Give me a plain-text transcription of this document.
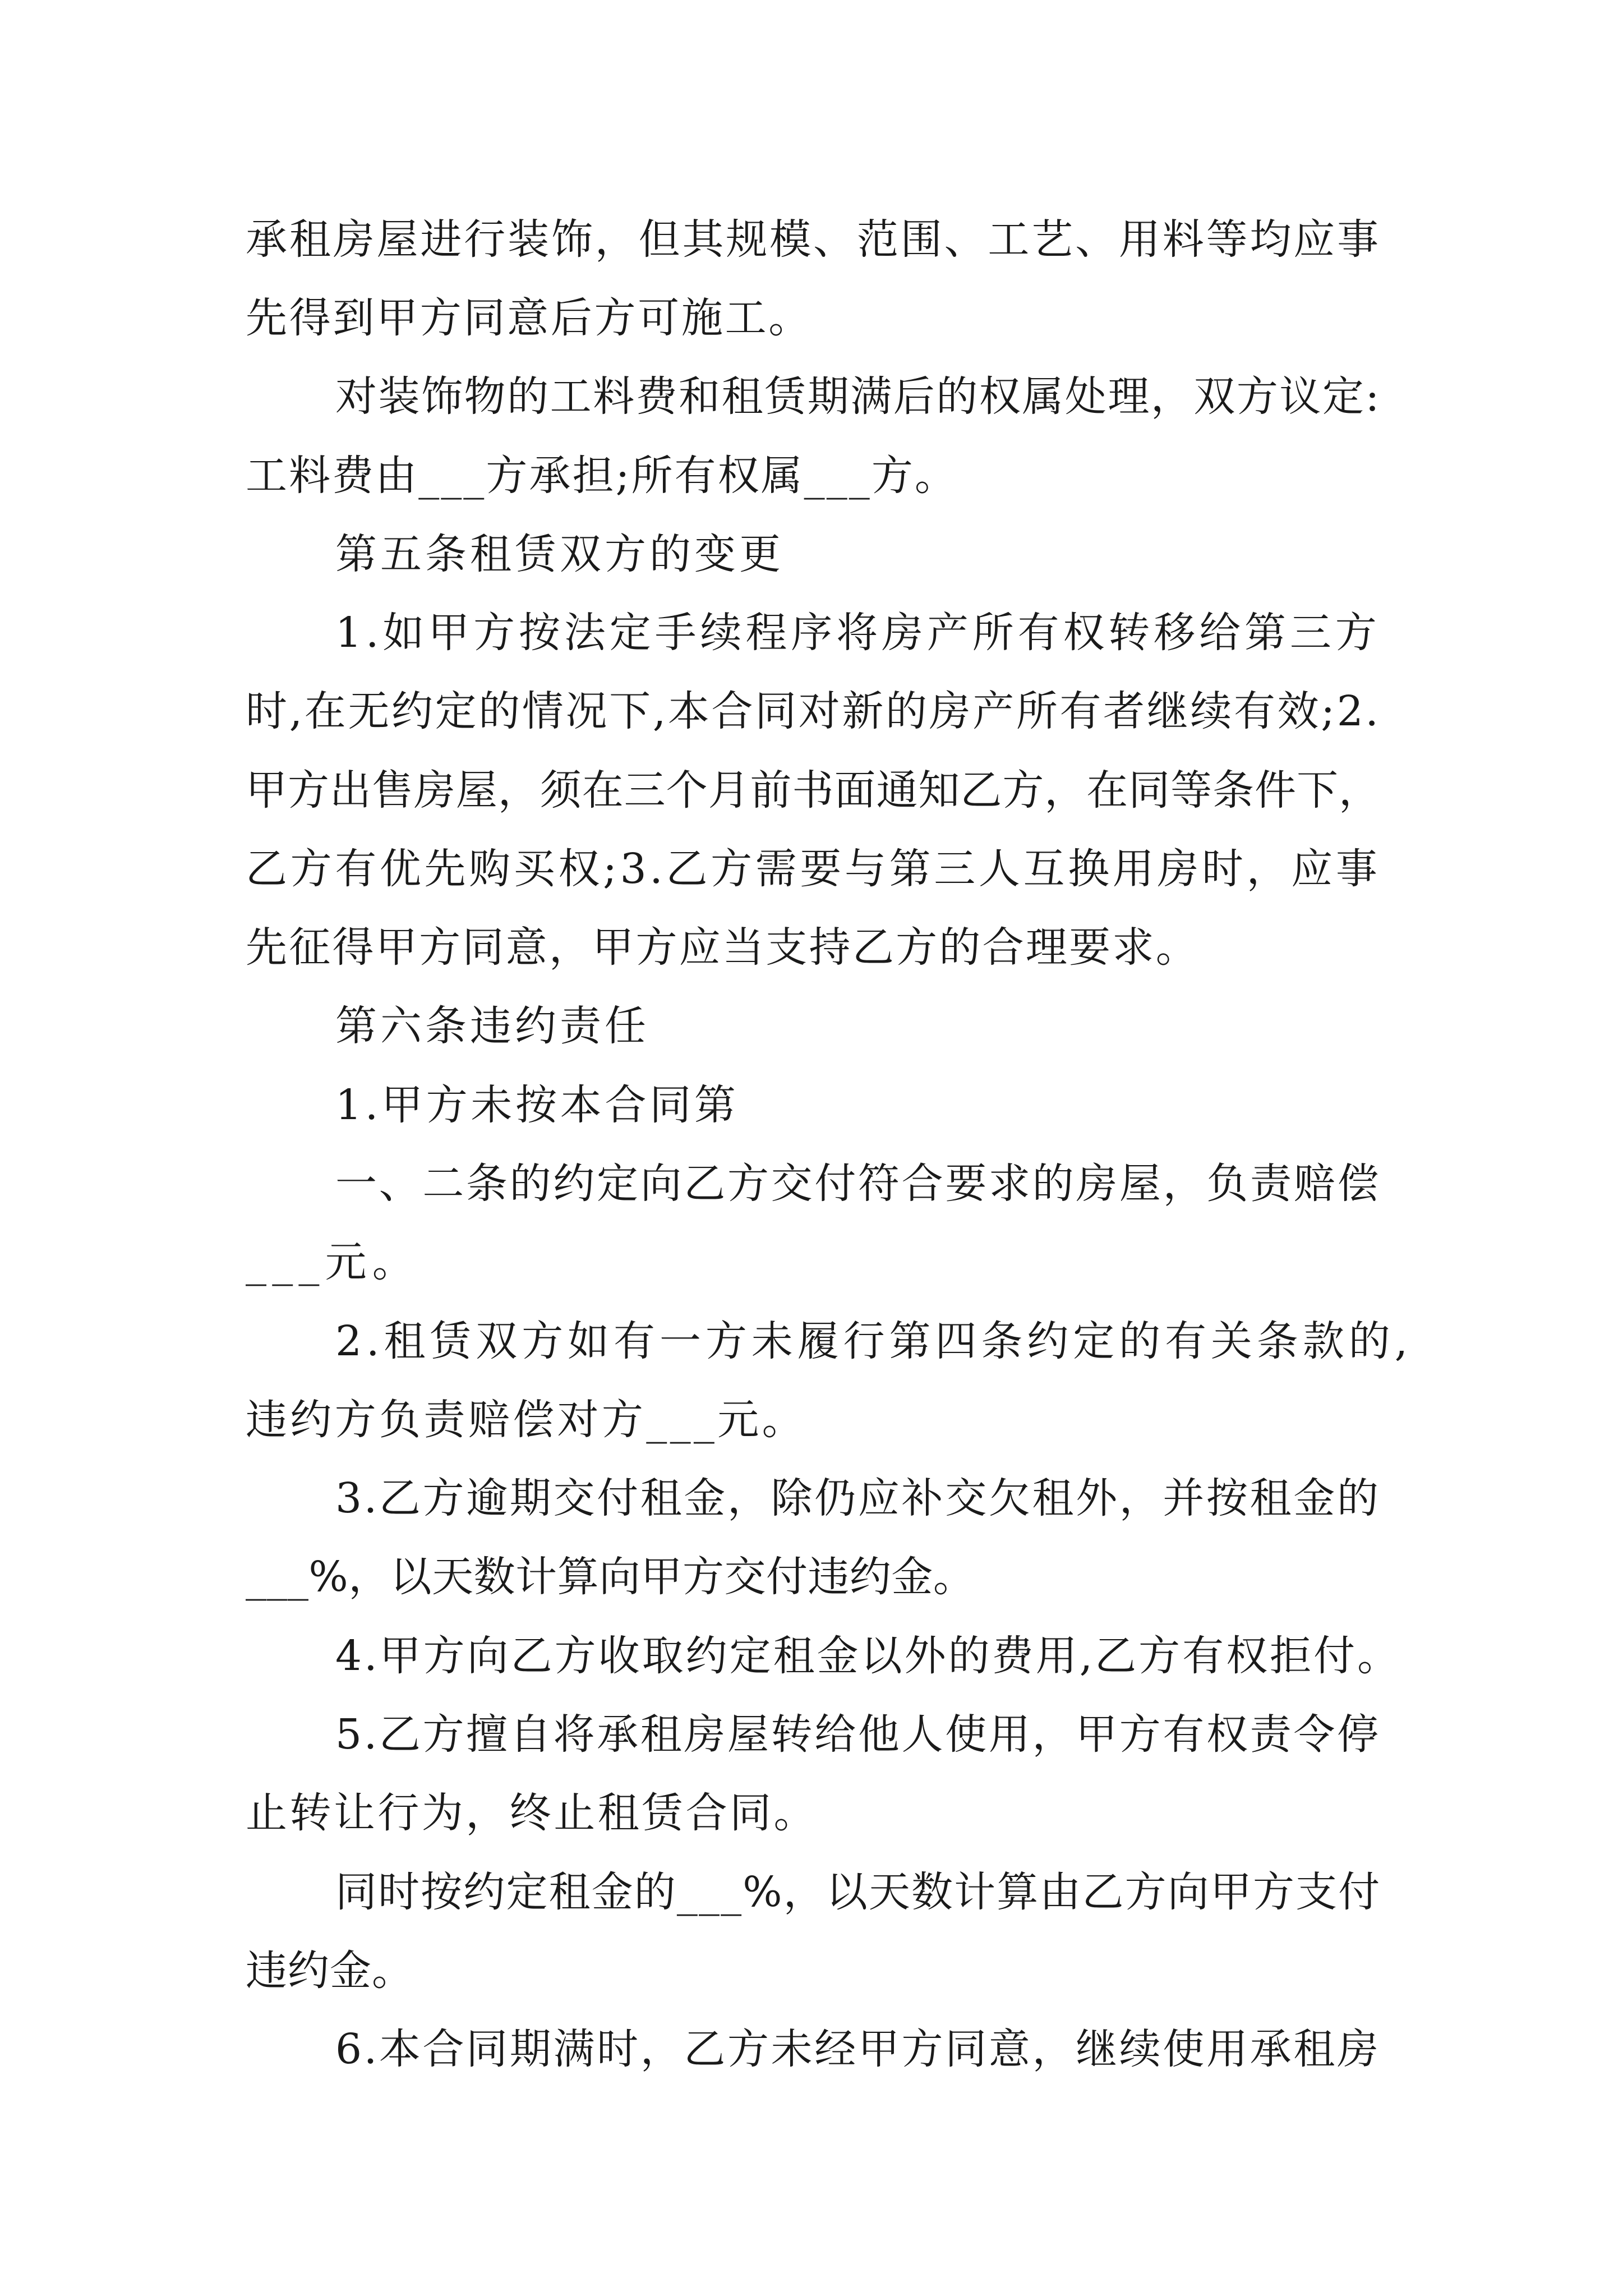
承租房屋进行装饰，但其规模、范围、工艺、用料等均应事
先得到甲方同意后方可施工。
对装饰物的工料费和租赁期满后的权属处理，双方议定:
工料费由___方承担;所有权属___方。
第五条租赁双方的变更
1.如甲方按法定手续程序将房产所有权转移给第三方
时,在无约定的情况下,本合同对新的房产所有者继续有效;2.
甲方出售房屋，须在三个月前书面通知乙方，在同等条件下，
乙方有优先购买权;3.乙方需要与第三人互换用房时，应事
先征得甲方同意，甲方应当支持乙方的合理要求。
第六条违约责任
1.甲方未按本合同第
一、二条的约定向乙方交付符合要求的房屋，负责赔偿
___元。
2.租赁双方如有一方未履行第四条约定的有关条款的,
违约方负责赔偿对方___元。
3.乙方逾期交付租金，除仍应补交欠租外，并按租金的
___%，以天数计算向甲方交付违约金。
4.甲方向乙方收取约定租金以外的费用,乙方有权拒付。
5.乙方擅自将承租房屋转给他人使用，甲方有权责令停
止转让行为，终止租赁合同。
同时按约定租金的___%，以天数计算由乙方向甲方支付
违约金。
6.本合同期满时，乙方未经甲方同意，继续使用承租房
